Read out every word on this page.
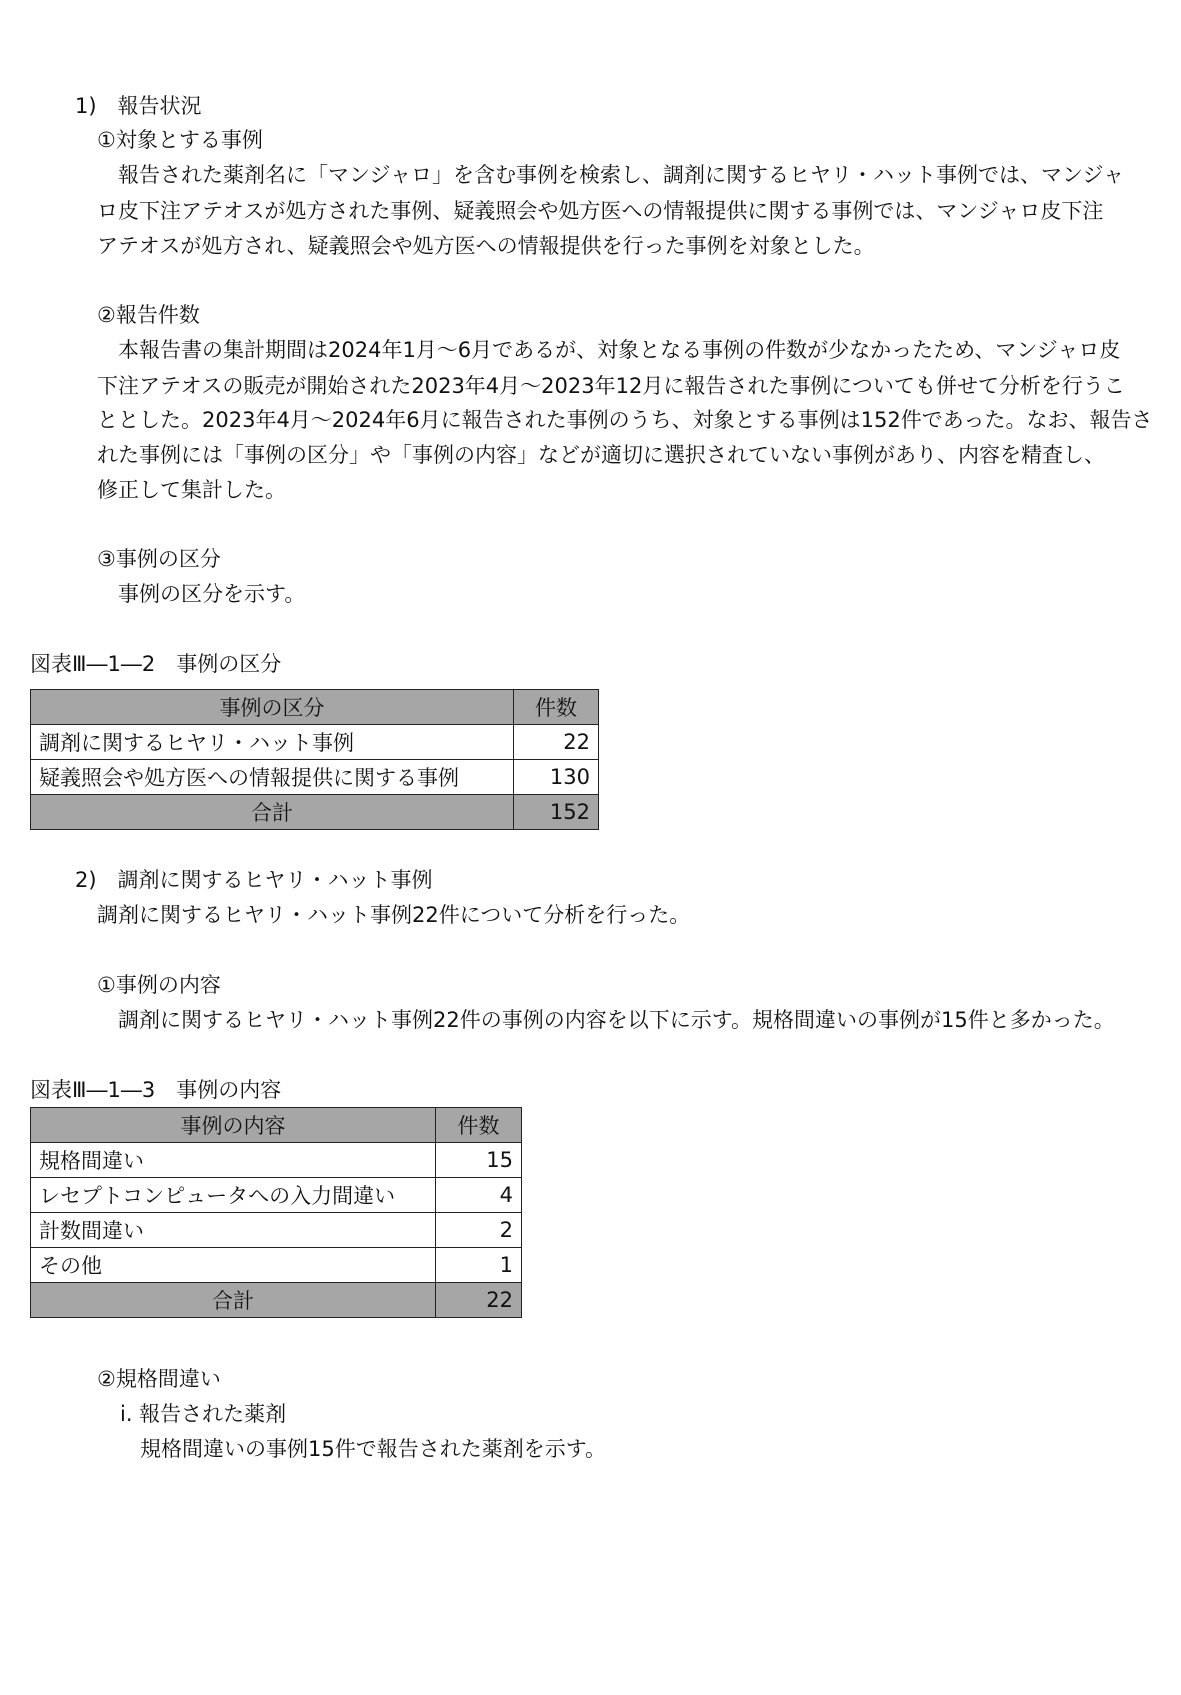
1)　報告状況
①対象とする事例
報告された薬剤名に「マンジャロ」を含む事例を検索し、調剤に関するヒヤリ・ハット事例では、マンジャ
ロ皮下注アテオスが処方された事例、疑義照会や処方医への情報提供に関する事例では、マンジャロ皮下注
アテオスが処方され、疑義照会や処方医への情報提供を行った事例を対象とした。
②報告件数
本報告書の集計期間は2024年1月～6月であるが、対象となる事例の件数が少なかったため、マンジャロ皮
下注アテオスの販売が開始された2023年4月～2023年12月に報告された事例についても併せて分析を行うこ
ととした。2023年4月～2024年6月に報告された事例のうち、対象とする事例は152件であった。なお、報告さ
れた事例には「事例の区分」や「事例の内容」などが適切に選択されていない事例があり、内容を精査し、
修正して集計した。
③事例の区分
事例の区分を示す。
図表Ⅲ―1―2　事例の区分
事例の区分	件数
調剤に関するヒヤリ・ハット事例	22
疑義照会や処方医への情報提供に関する事例	130
合計	152
2)　調剤に関するヒヤリ・ハット事例
調剤に関するヒヤリ・ハット事例22件について分析を行った。
①事例の内容
調剤に関するヒヤリ・ハット事例22件の事例の内容を以下に示す。規格間違いの事例が15件と多かった。
図表Ⅲ―1―3　事例の内容
事例の内容	件数
規格間違い	15
レセプトコンピュータへの入力間違い	4
計数間違い	2
その他	1
合計	22
②規格間違い
i. 報告された薬剤
規格間違いの事例15件で報告された薬剤を示す。
